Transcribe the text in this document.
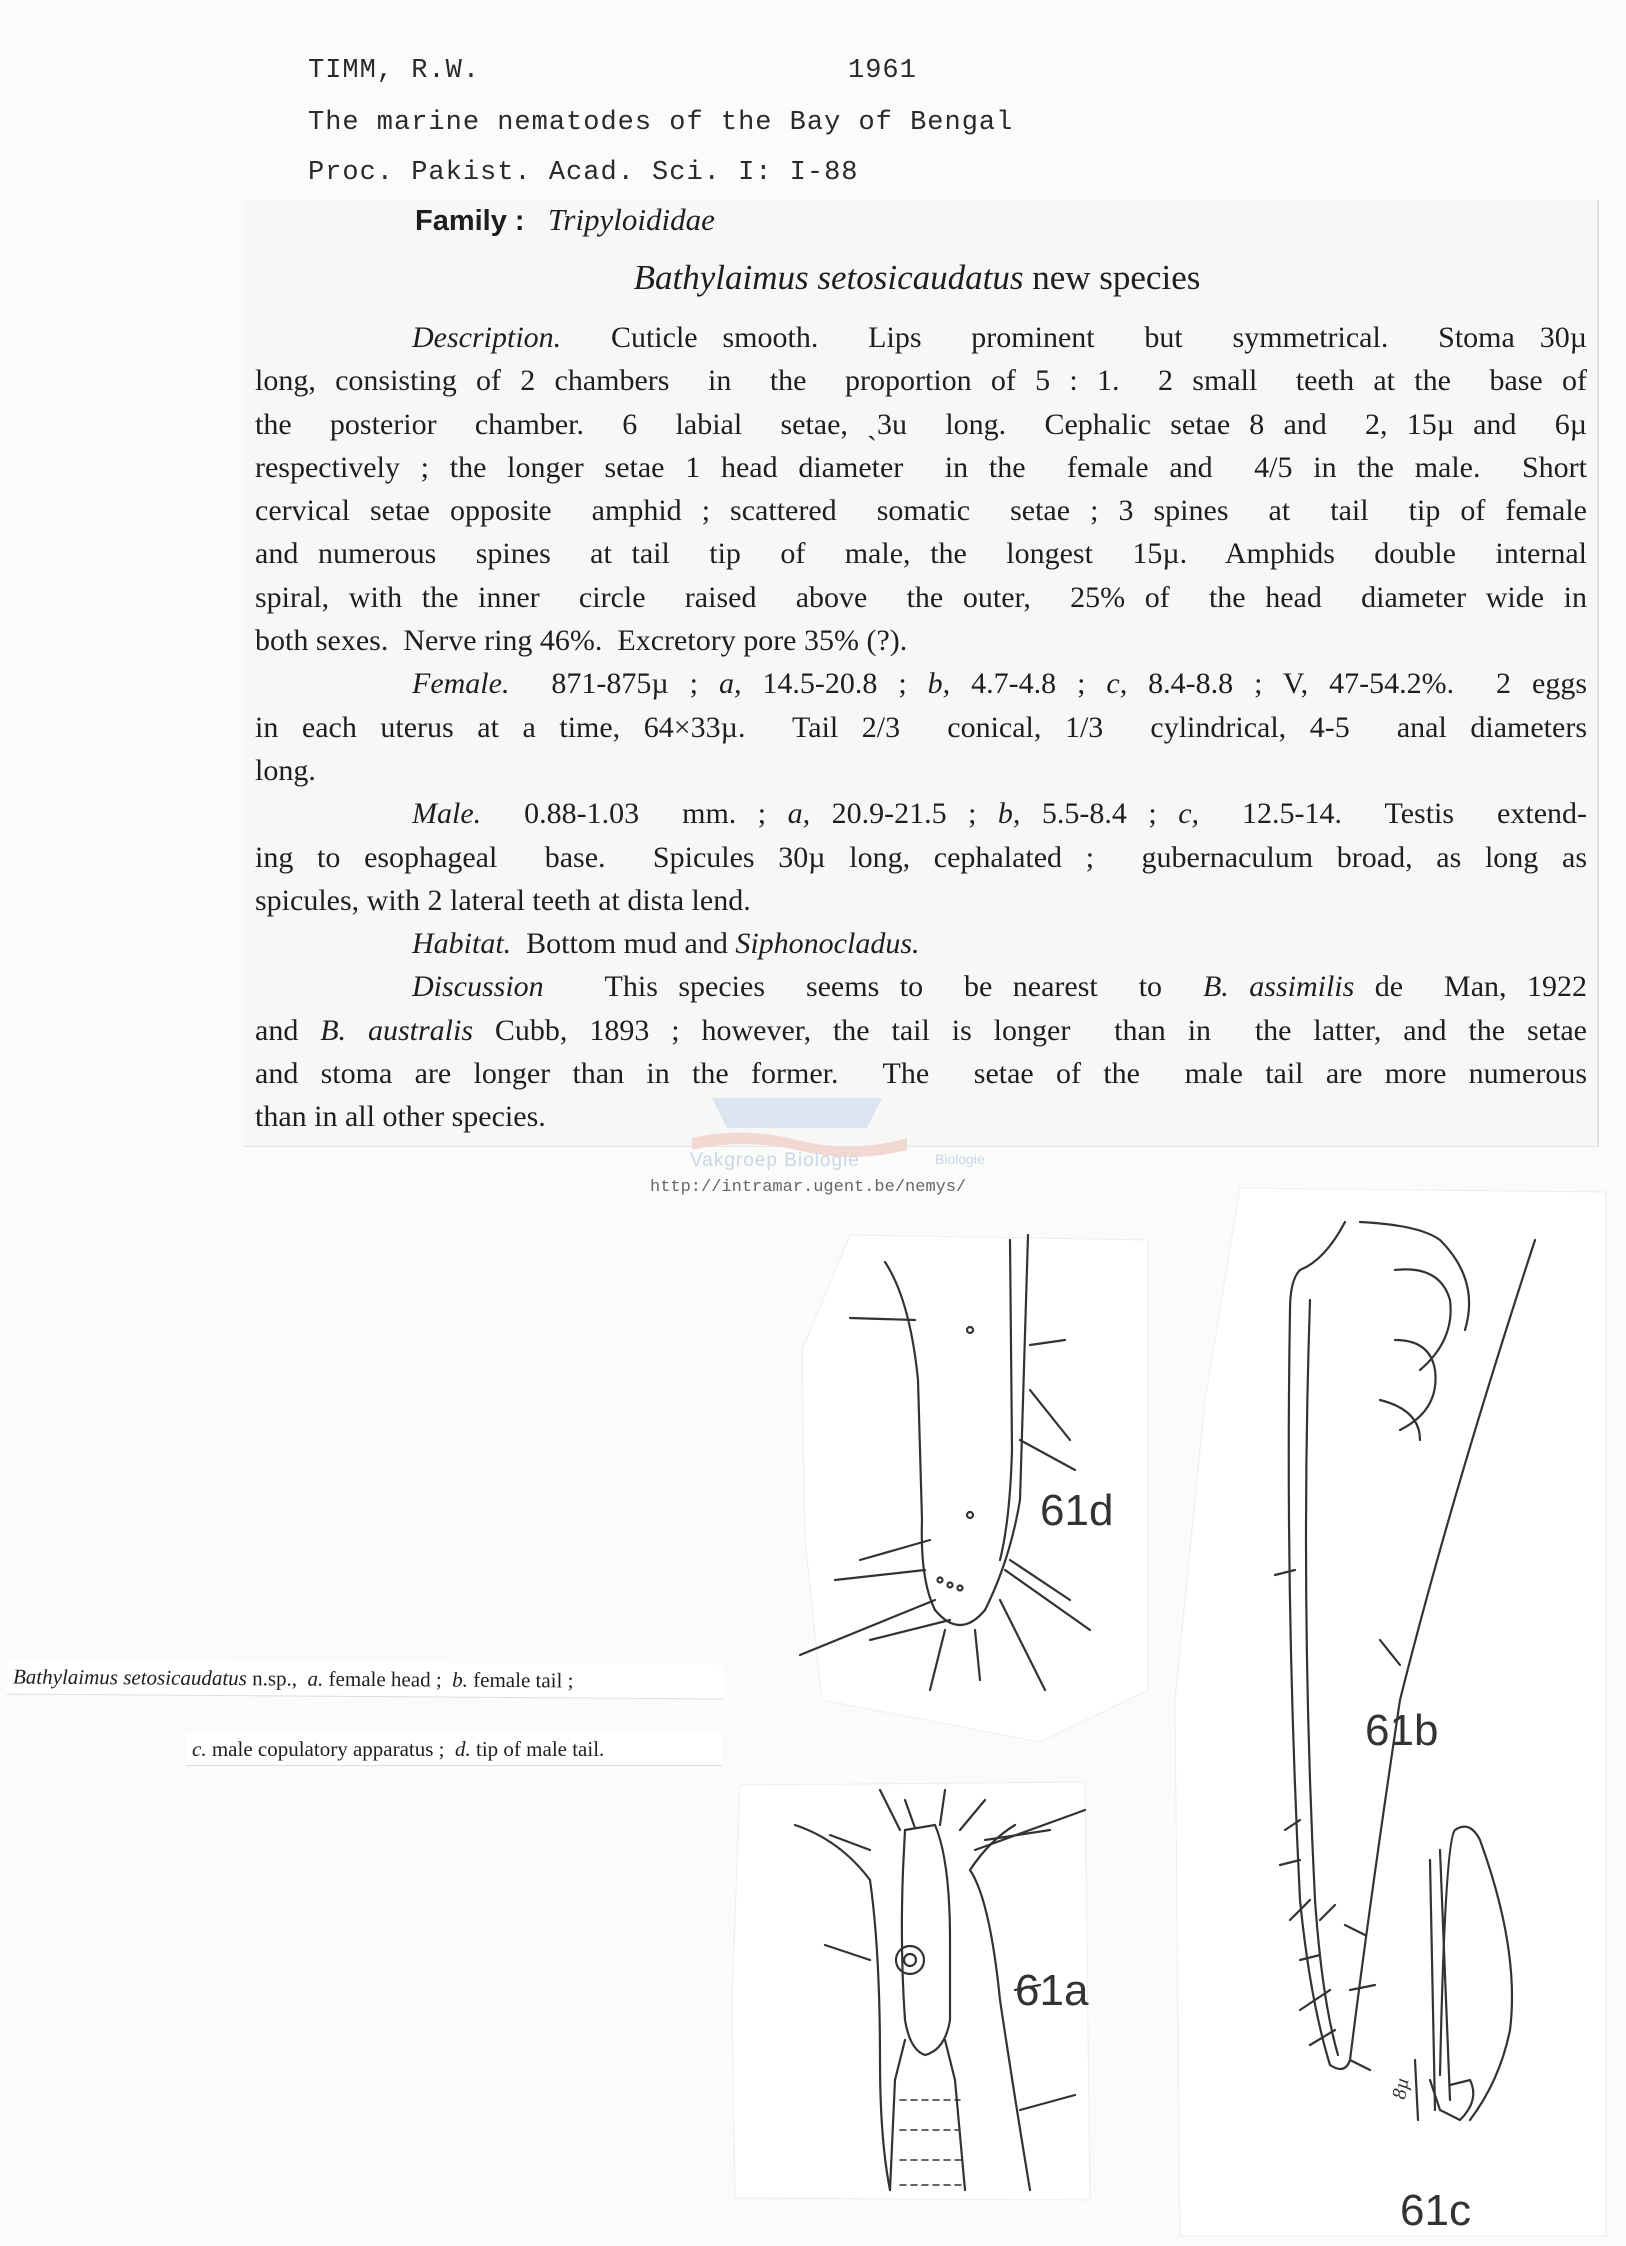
TIMM, R.W.	1961
The marine nematodes of the Bay of Bengal
Proc. Pakist. Acad. Sci. I: I-88
Family : Tripyloididae
Bathylaimus setosicaudatus new species
Description.  Cuticle smooth.  Lips  prominent  but  symmetrical.  Stoma 30µ
long, consisting of 2 chambers  in  the  proportion of 5 : 1.  2 small  teeth at the  base of
the  posterior  chamber.  6  labial  setae, ˎ3u  long.  Cephalic setae 8 and  2, 15µ and  6µ
respectively ; the longer setae 1 head diameter  in the  female and  4/5 in the male.  Short
cervical setae opposite  amphid ; scattered  somatic  setae ; 3 spines  at  tail  tip of female
and numerous  spines  at tail  tip  of  male, the  longest  15µ.  Amphids  double  internal
spiral, with the inner  circle  raised  above  the outer,  25% of  the head  diameter wide in
both sexes.  Nerve ring 46%.  Excretory pore 35% (?).
Female.  871-875µ ; a, 14.5-20.8 ; b, 4.7-4.8 ; c, 8.4-8.8 ; V, 47-54.2%.  2 eggs
in each uterus at a time, 64×33µ.  Tail 2/3  conical, 1/3  cylindrical, 4-5  anal diameters
long.
Male.  0.88-1.03  mm. ; a, 20.9-21.5 ; b, 5.5-8.4 ; c,  12.5-14.  Testis  extend-
ing to esophageal  base.  Spicules 30µ long, cephalated ;  gubernaculum broad, as long as
spicules, with 2 lateral teeth at dista lend.
Habitat.  Bottom mud and Siphonocladus.
Discussion   This species  seems to  be nearest  to  B. assimilis de  Man, 1922
and B. australis Cubb, 1893 ; however, the tail is longer  than in  the latter, and the setae
and stoma are longer than in the former.  The  setae of the  male tail are more numerous
than in all other species.
Biologie
Vakgroep Biologie
http://intramar.ugent.be/nemys/
Bathylaimus setosicaudatus n.sp.,  a. female head ;  b. female tail ;
c. male copulatory apparatus ;  d. tip of male tail.
61d
61b
61a
61c
8µ
